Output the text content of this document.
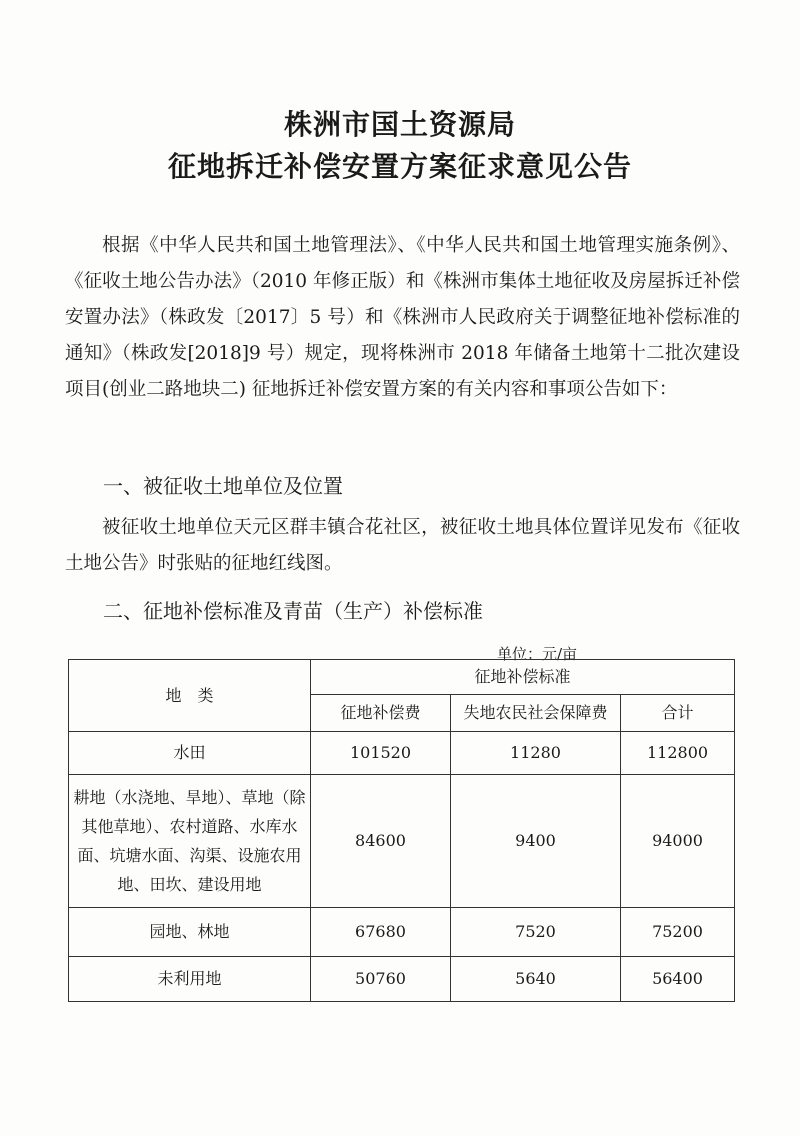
株洲市国土资源局
征地拆迁补偿安置方案征求意见公告

根据《中华人民共和国土地管理法》、《中华人民共和国土地管理实施条例》、《征收土地公告办法》（2010 年修正版）和《株洲市集体土地征收及房屋拆迁补偿安置办法》（株政发〔2017〕5 号）和《株洲市人民政府关于调整征地补偿标准的通知》（株政发[2018]9 号）规定，现将株洲市 2018 年储备土地第十二批次建设项目(创业二路地块二) 征地拆迁补偿安置方案的有关内容和事项公告如下：

一、被征收土地单位及位置

被征收土地单位天元区群丰镇合花社区，被征收土地具体位置详见发布《征收土地公告》时张贴的征地红线图。

二、征地补偿标准及青苗（生产）补偿标准
单位：元/亩
地　类	征地补偿标准		
	征地补偿费	失地农民社会保障费	合计
水田	101520	11280	112800
耕地（水浇地、旱地）、草地（除其他草地）、农村道路、水库水面、坑塘水面、沟渠、设施农用地、田坎、建设用地	84600	9400	94000
园地、林地	67680	7520	75200
未利用地	50760	5640	56400
